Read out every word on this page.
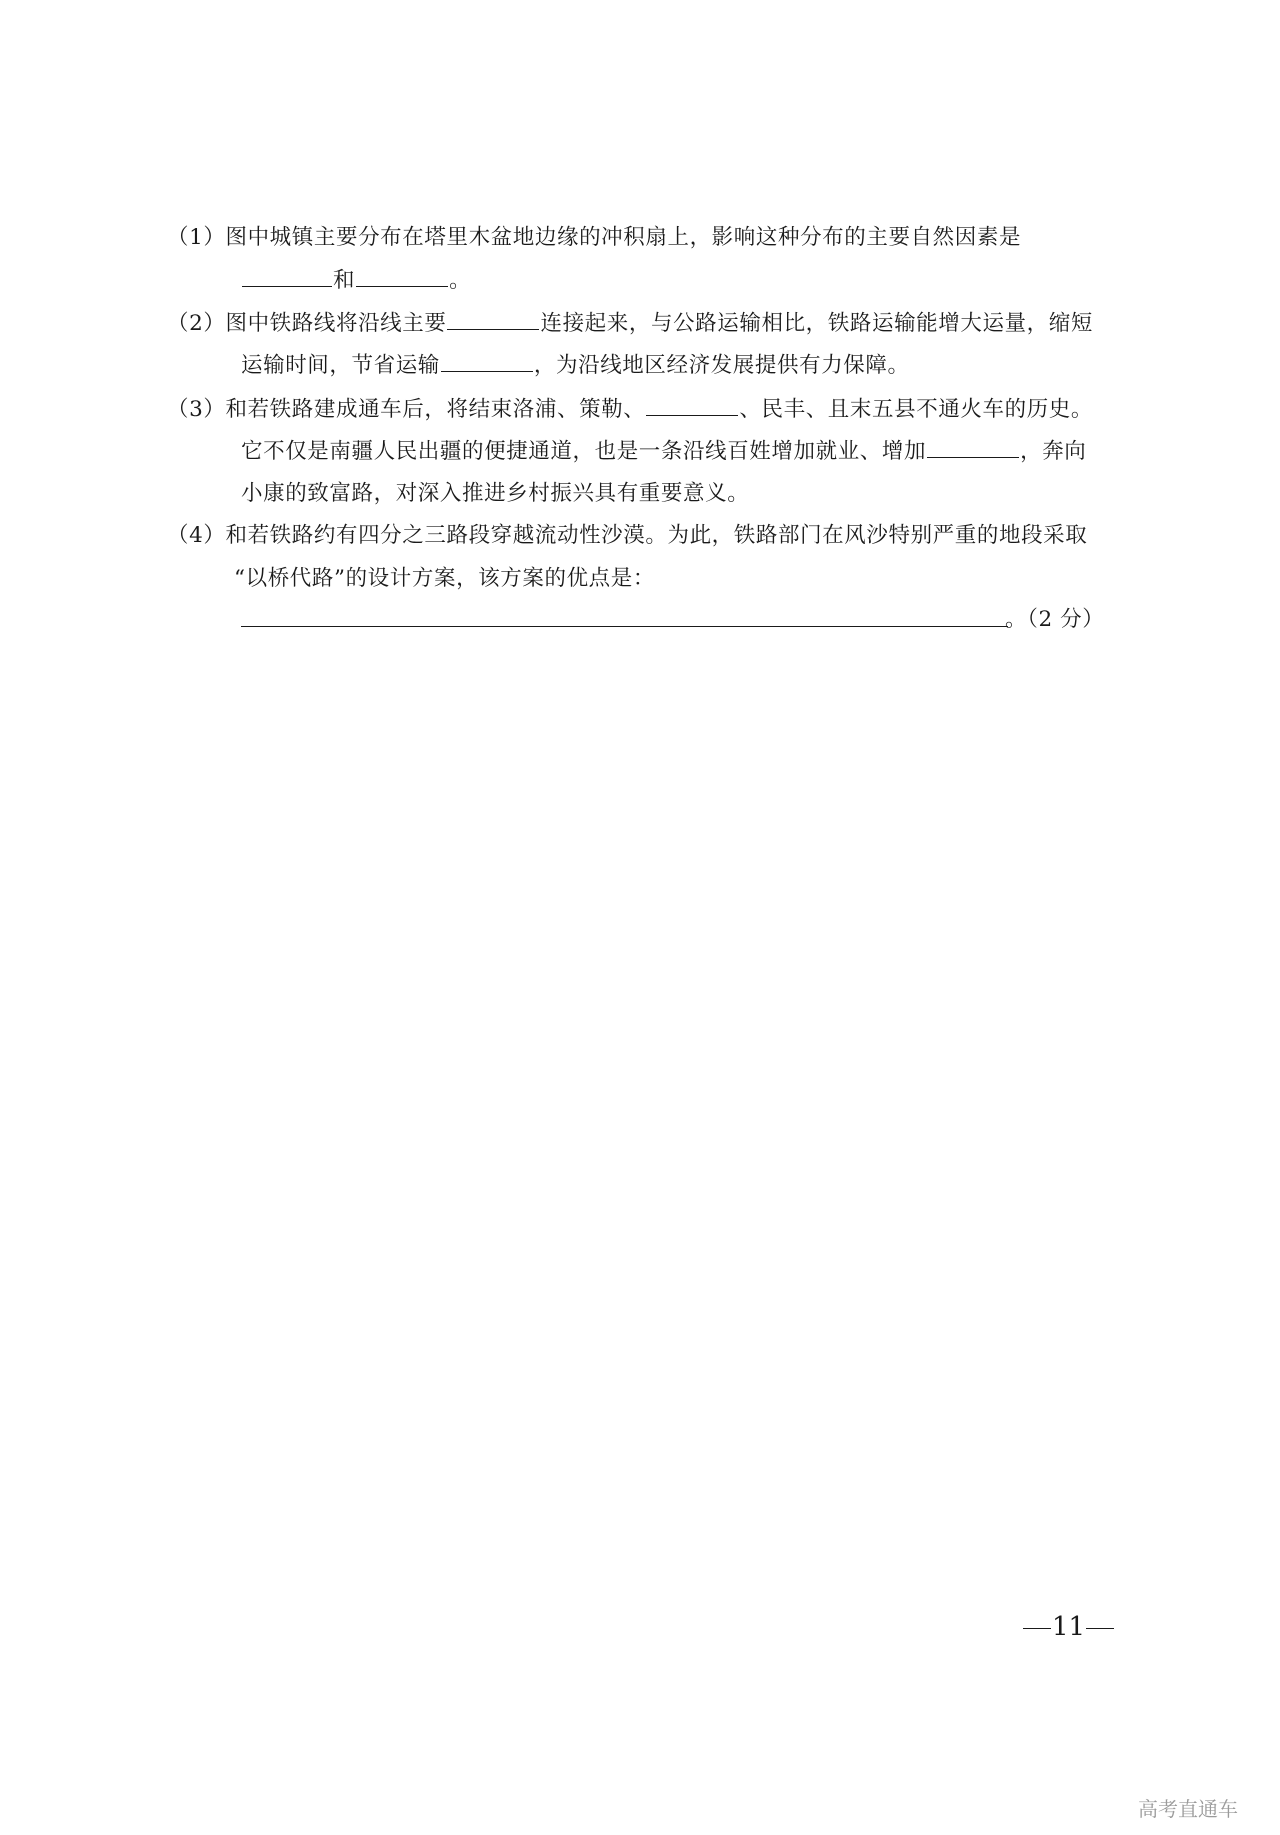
（1）图中城镇主要分布在塔里木盆地边缘的冲积扇上，影响这种分布的主要自然因素是
和	。
（2）图中铁路线将沿线主要	连接起来，与公路运输相比，铁路运输能增大运量，缩短
运输时间，节省运输	，为沿线地区经济发展提供有力保障。
（3）和若铁路建成通车后，将结束洛浦、策勒、	、民丰、且末五县不通火车的历史。
它不仅是南疆人民出疆的便捷通道，也是一条沿线百姓增加就业、增加	，奔向
小康的致富路，对深入推进乡村振兴具有重要意义。
（4）和若铁路约有四分之三路段穿越流动性沙漠。为此，铁路部门在风沙特别严重的地段采取
“以桥代路”的设计方案，该方案的优点是：
。（2 分）
11
高考直通车
